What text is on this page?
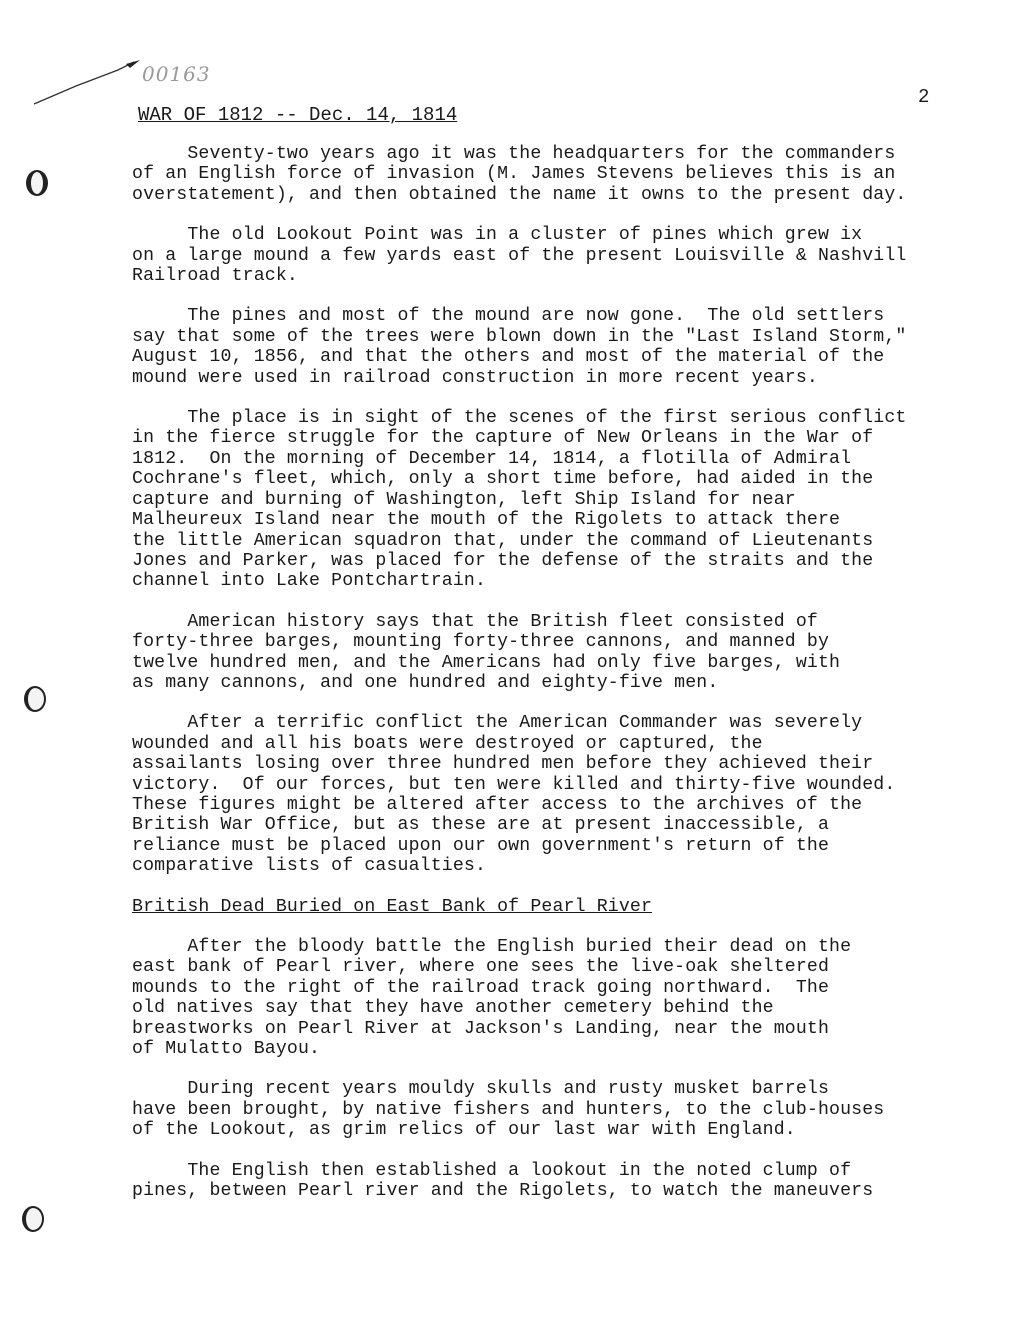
00163
2
WAR OF 1812 -- Dec. 14, 1814

Seventy-two years ago it was the headquarters for the commanders
of an English force of invasion (M. James Stevens believes this is an
overstatement), and then obtained the name it owns to the present day.

The old Lookout Point was in a cluster of pines which grew ix
on a large mound a few yards east of the present Louisville & Nashvill
Railroad track.

The pines and most of the mound are now gone.  The old settlers
say that some of the trees were blown down in the "Last Island Storm,"
August 10, 1856, and that the others and most of the material of the
mound were used in railroad construction in more recent years.

The place is in sight of the scenes of the first serious conflict
in the fierce struggle for the capture of New Orleans in the War of
1812.  On the morning of December 14, 1814, a flotilla of Admiral
Cochrane's fleet, which, only a short time before, had aided in the
capture and burning of Washington, left Ship Island for near
Malheureux Island near the mouth of the Rigolets to attack there
the little American squadron that, under the command of Lieutenants
Jones and Parker, was placed for the defense of the straits and the
channel into Lake Pontchartrain.

American history says that the British fleet consisted of
forty-three barges, mounting forty-three cannons, and manned by
twelve hundred men, and the Americans had only five barges, with
as many cannons, and one hundred and eighty-five men.

After a terrific conflict the American Commander was severely
wounded and all his boats were destroyed or captured, the
assailants losing over three hundred men before they achieved their
victory.  Of our forces, but ten were killed and thirty-five wounded.
These figures might be altered after access to the archives of the
British War Office, but as these are at present inaccessible, a
reliance must be placed upon our own government's return of the
comparative lists of casualties.

British Dead Buried on East Bank of Pearl River

After the bloody battle the English buried their dead on the
east bank of Pearl river, where one sees the live-oak sheltered
mounds to the right of the railroad track going northward.  The
old natives say that they have another cemetery behind the
breastworks on Pearl River at Jackson's Landing, near the mouth
of Mulatto Bayou.

During recent years mouldy skulls and rusty musket barrels
have been brought, by native fishers and hunters, to the club-houses
of the Lookout, as grim relics of our last war with England.

The English then established a lookout in the noted clump of
pines, between Pearl river and the Rigolets, to watch the maneuvers
